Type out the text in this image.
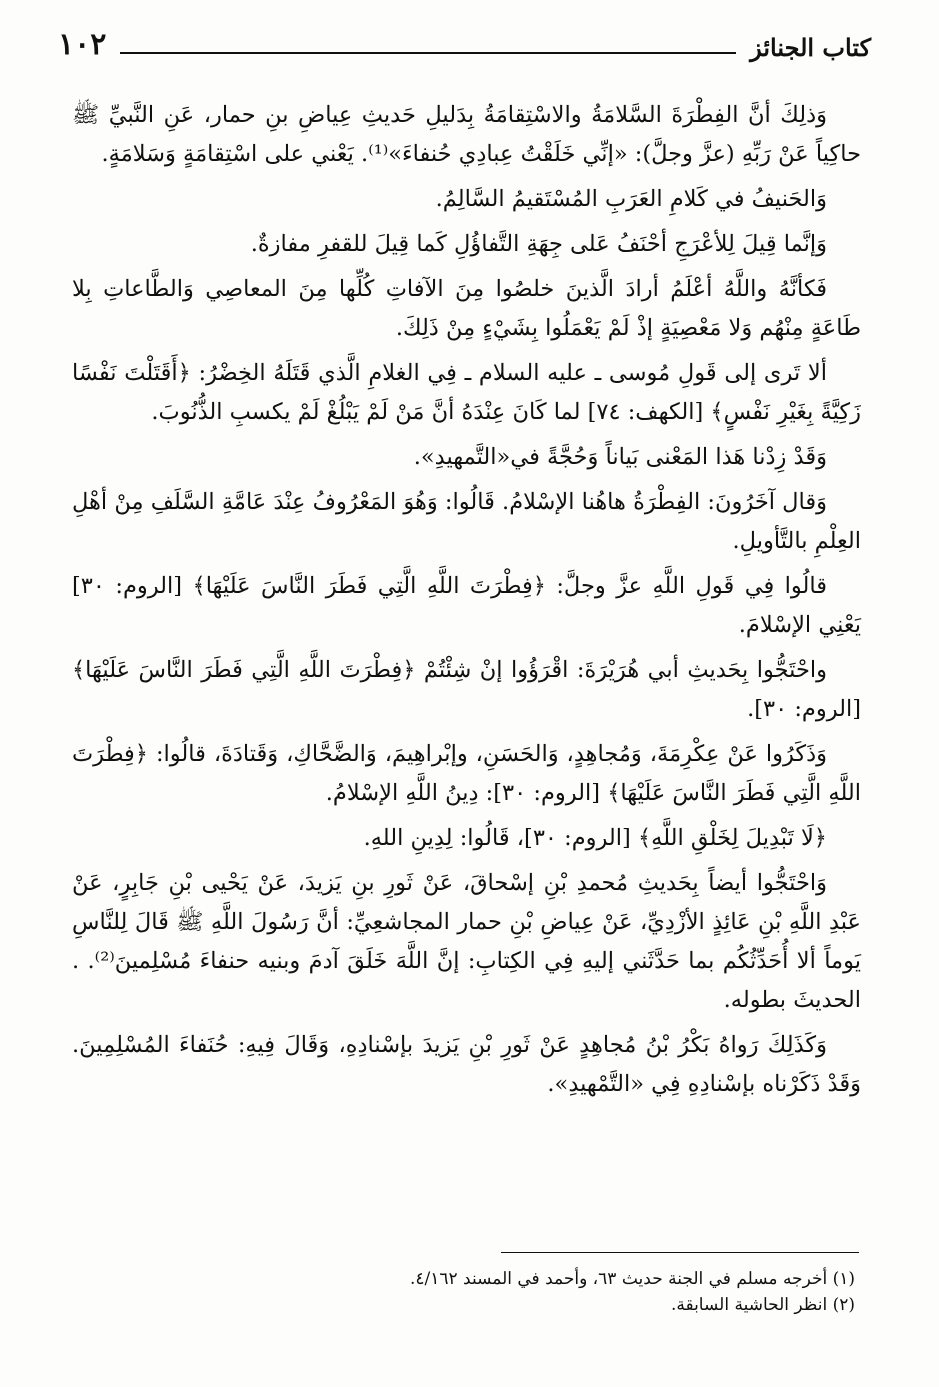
كتاب الجنائز
١٠٢

وَذلِكَ أنَّ الفِطْرَةَ السَّلامَةُ والاسْتِقامَةُ بِدَليلِ حَديثِ عِياضِ بنِ حمار، عَنِ النَّبيِّ ﷺ حاكِياً عَنْ رَبِّهِ (عزَّ وجلَّ): «إنِّي خَلَقْتُ عِبادِي حُنفاءَ»⁽¹⁾. يَعْني على اسْتِقامَةٍ وَسَلامَةٍ.

وَالحَنيفُ في كَلامِ العَرَبِ المُسْتَقيمُ السَّالِمُ.

وَإنَّما قِيلَ لِلأعْرَجِ أحْنَفُ عَلى جِهَةِ التَّفاؤُلِ كَما قِيلَ للقفرِ مفازةٌ.

فَكأنَّهُ واللَّهُ أعْلَمُ أرادَ الَّذينَ خلصُوا مِنَ الآفاتِ كُلِّها مِنَ المعاصِي وَالطَّاعاتِ بِلا طَاعَةٍ مِنْهُم وَلا مَعْصِيَةٍ إذْ لَمْ يَعْمَلُوا بِشَيْءٍ مِنْ ذَلِكَ.

ألا تَرى إلى قَولِ مُوسى ـ عليه السلام ـ فِي الغلامِ الَّذي قَتَلَهُ الخِضْرُ: ﴿أَقَتَلْتَ نَفْسًا زَكِيَّةً بِغَيْرِ نَفْسٍ﴾ [الكهف: ٧٤] لما كَانَ عِنْدَهُ أنَّ مَنْ لَمْ يَبْلُغْ لَمْ يكسبِ الذُّنُوبَ.

وَقَدْ زِدْنا هَذا المَعْنى بَياناً وَحُجَّةً في«التَّمهيدِ».

وَقال آخَرُونَ: الفِطْرَةُ هاهُنا الإسْلامُ. قَالُوا: وَهُوَ المَعْرُوفُ عِنْدَ عَامَّةِ السَّلَفِ مِنْ أهْلِ العِلْمِ بالتَّأويلِ.

قالُوا فِي قَولِ اللَّهِ عزَّ وجلَّ: ﴿فِطْرَتَ اللَّهِ الَّتِي فَطَرَ النَّاسَ عَلَيْهَا﴾ [الروم: ٣٠] يَعْنِي الإسْلامَ.

واحْتَجُّوا بِحَديثِ أبي هُرَيْرَةَ: اقْرَؤُوا إنْ شِئْتُمْ ﴿فِطْرَتَ اللَّهِ الَّتِي فَطَرَ النَّاسَ عَلَيْهَا﴾ [الروم: ٣٠].

وَذَكَرُوا عَنْ عِكْرِمَةَ، وَمُجاهِدٍ، وَالحَسَنِ، وإبْراهِيمَ، وَالضَّحَّاكِ، وَقَتادَةَ، قالُوا: ﴿فِطْرَتَ اللَّهِ الَّتِي فَطَرَ النَّاسَ عَلَيْهَا﴾ [الروم: ٣٠]: دِينُ اللَّهِ الإسْلامُ.

﴿لَا تَبْدِيلَ لِخَلْقِ اللَّهِ﴾ [الروم: ٣٠]، قَالُوا: لِدِينِ اللهِ.

وَاحْتَجُّوا أيضاً بِحَديثِ مُحمدِ بْنِ إسْحاقَ، عَنْ ثَورِ بنِ يَزيدَ، عَنْ يَحْيى بْنِ جَابِرٍ، عَنْ عَبْدِ اللَّهِ بْنِ عَائِذٍ الأزْدِيِّ، عَنْ عِياضِ بْنِ حمار المجاشعِيِّ: أنَّ رَسُولَ اللَّهِ ﷺ قَالَ لِلنَّاسِ يَوماً ألا أُحَدِّثُكُم بما حَدَّثَني إليهِ فِي الكِتابِ: إنَّ اللَّهَ خَلَقَ آدمَ وبنيه حنفاءَ مُسْلِمينَ⁽²⁾. . الحديثَ بطوله.

وَكَذَلِكَ رَواهُ بَكْرُ بْنُ مُجاهِدٍ عَنْ ثَورِ بْنِ يَزيدَ بإسْنادِهِ، وَقَالَ فِيهِ: حُنَفاءَ المُسْلِمِينَ. وَقَدْ ذَكَرْناه بإسْنادِهِ فِي «التَّمْهيدِ».

(١) أخرجه مسلم في الجنة حديث ٦٣، وأحمد في المسند ٤/١٦٢.

(٢) انظر الحاشية السابقة.
